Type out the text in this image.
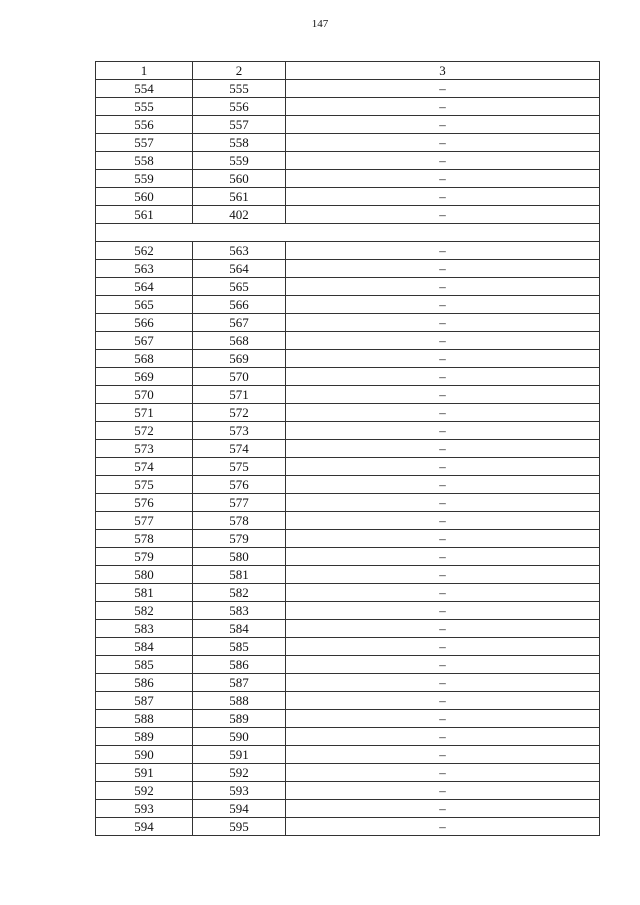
147
1	2	3
554	555	–
555	556	–
556	557	–
557	558	–
558	559	–
559	560	–
560	561	–
561	402	–

562	563	–
563	564	–
564	565	–
565	566	–
566	567	–
567	568	–
568	569	–
569	570	–
570	571	–
571	572	–
572	573	–
573	574	–
574	575	–
575	576	–
576	577	–
577	578	–
578	579	–
579	580	–
580	581	–
581	582	–
582	583	–
583	584	–
584	585	–
585	586	–
586	587	–
587	588	–
588	589	–
589	590	–
590	591	–
591	592	–
592	593	–
593	594	–
594	595	–
